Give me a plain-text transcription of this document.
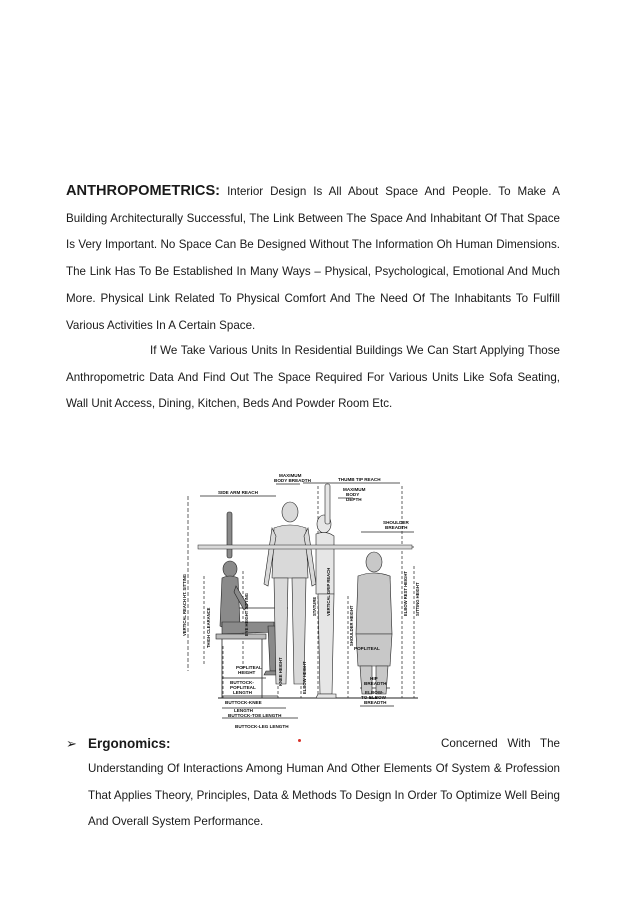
ANTHROPOMETRICS: Interior Design Is All About Space And People. To Make A Building Architecturally Successful, The Link Between The Space And Inhabitant Of That Space Is Very Important. No Space Can Be Designed Without The Information Oh Human Dimensions. The Link Has To Be Established In Many Ways – Physical, Psychological, Emotional And Much More. Physical Link Related To Physical Comfort And The Need Of The Inhabitants To Fulfill Various Activities In A Certain Space.

If We Take Various Units In Residential Buildings We Can Start Applying Those Anthropometric Data And Find Out The Space Required For Various Units Like Sofa Seating, Wall Unit Access, Dining, Kitchen, Beds And Powder Room Etc.

SIDE ARM REACH
MAXIMUM
BODY BREADTH	THUMB TIP REACH
MAXIMUM
BODY
DEPTH
SHOULDER
BREADTH
POPLITEAL
POPLITEAL
HEIGHT
BUTTOCK-
POPLITEAL
LENGTH
BUTTOCK-KNEE
LENGTH
BUTTOCK-TOE LENGTH
BUTTOCK-LEG LENGTH
HIP
BREADTH
ELBOW-
TO-ELBOW
BREADTH
VERTICAL REACH HT. SITTING	THIGH CLEARANCE	EYE HEIGHT SITTING
KNEE HEIGHT	ELBOW HEIGHT
STATURE VERTICAL GRIP REACH	SITTING HEIGHT
ELBOW REST HEIGHT
SHOULDER HEIGHT
➢ Ergonomics:	Concerned   With   The

Understanding Of Interactions Among Human And Other Elements Of System & Profession That Applies Theory, Principles, Data & Methods To Design In Order To Optimize Well Being And Overall System Performance.
